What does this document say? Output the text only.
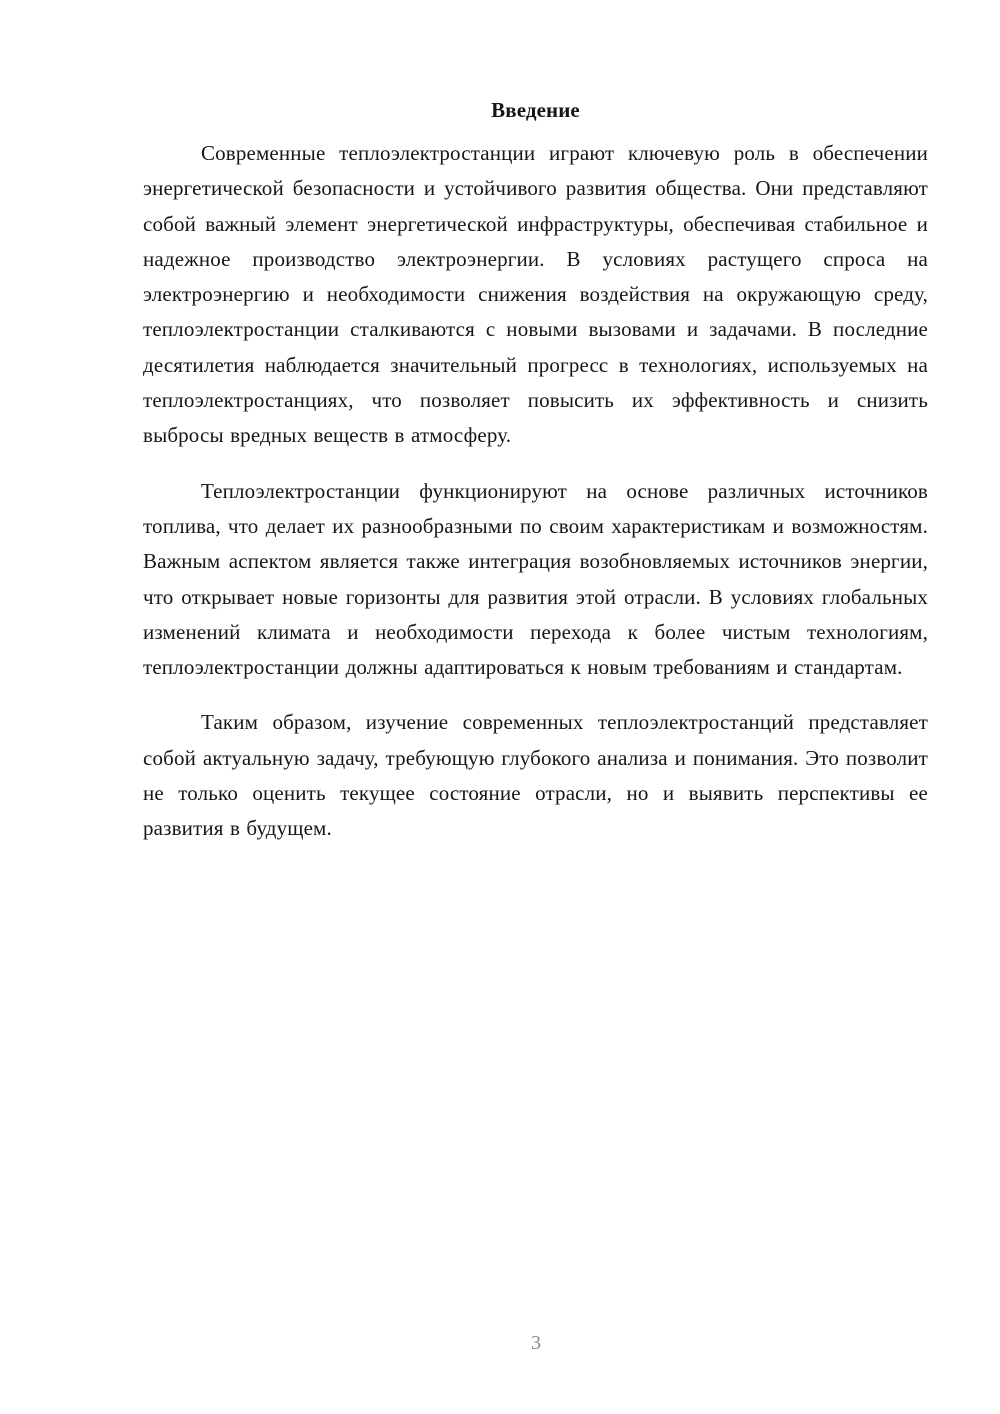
Введение

Современные теплоэлектростанции играют ключевую роль в обеспечении энергетической безопасности и устойчивого развития общества. Они представляют собой важный элемент энергетической инфраструктуры, обеспечивая стабильное и надежное производство электроэнергии. В условиях растущего спроса на электроэнергию и необходимости снижения воздействия на окружающую среду, теплоэлектростанции сталкиваются с новыми вызовами и задачами. В последние десятилетия наблюдается значительный прогресс в технологиях, используемых на теплоэлектростанциях, что позволяет повысить их эффективность и снизить выбросы вредных веществ в атмосферу.

Теплоэлектростанции функционируют на основе различных источников топлива, что делает их разнообразными по своим характеристикам и возможностям. Важным аспектом является также интеграция возобновляемых источников энергии, что открывает новые горизонты для развития этой отрасли. В условиях глобальных изменений климата и необходимости перехода к более чистым технологиям, теплоэлектростанции должны адаптироваться к новым требованиям и стандартам.

Таким образом, изучение современных теплоэлектростанций представляет собой актуальную задачу, требующую глубокого анализа и понимания. Это позволит не только оценить текущее состояние отрасли, но и выявить перспективы ее развития в будущем.

3
